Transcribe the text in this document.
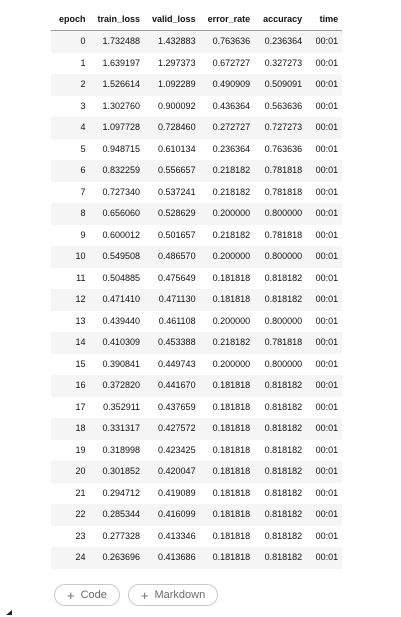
epoch	train_loss	valid_loss	error_rate	accuracy	time
0	1.732488	1.432883	0.763636	0.236364	00:01
1	1.639197	1.297373	0.672727	0.327273	00:01
2	1.526614	1.092289	0.490909	0.509091	00:01
3	1.302760	0.900092	0.436364	0.563636	00:01
4	1.097728	0.728460	0.272727	0.727273	00:01
5	0.948715	0.610134	0.236364	0.763636	00:01
6	0.832259	0.556657	0.218182	0.781818	00:01
7	0.727340	0.537241	0.218182	0.781818	00:01
8	0.656060	0.528629	0.200000	0.800000	00:01
9	0.600012	0.501657	0.218182	0.781818	00:01
10	0.549508	0.486570	0.200000	0.800000	00:01
11	0.504885	0.475649	0.181818	0.818182	00:01
12	0.471410	0.471130	0.181818	0.818182	00:01
13	0.439440	0.461108	0.200000	0.800000	00:01
14	0.410309	0.453388	0.218182	0.781818	00:01
15	0.390841	0.449743	0.200000	0.800000	00:01
16	0.372820	0.441670	0.181818	0.818182	00:01
17	0.352911	0.437659	0.181818	0.818182	00:01
18	0.331317	0.427572	0.181818	0.818182	00:01
19	0.318998	0.423425	0.181818	0.818182	00:01
20	0.301852	0.420047	0.181818	0.818182	00:01
21	0.294712	0.419089	0.181818	0.818182	00:01
22	0.285344	0.416099	0.181818	0.818182	00:01
23	0.277328	0.413346	0.181818	0.818182	00:01
24	0.263696	0.413686	0.181818	0.818182	00:01
+ Code	+ Markdown
